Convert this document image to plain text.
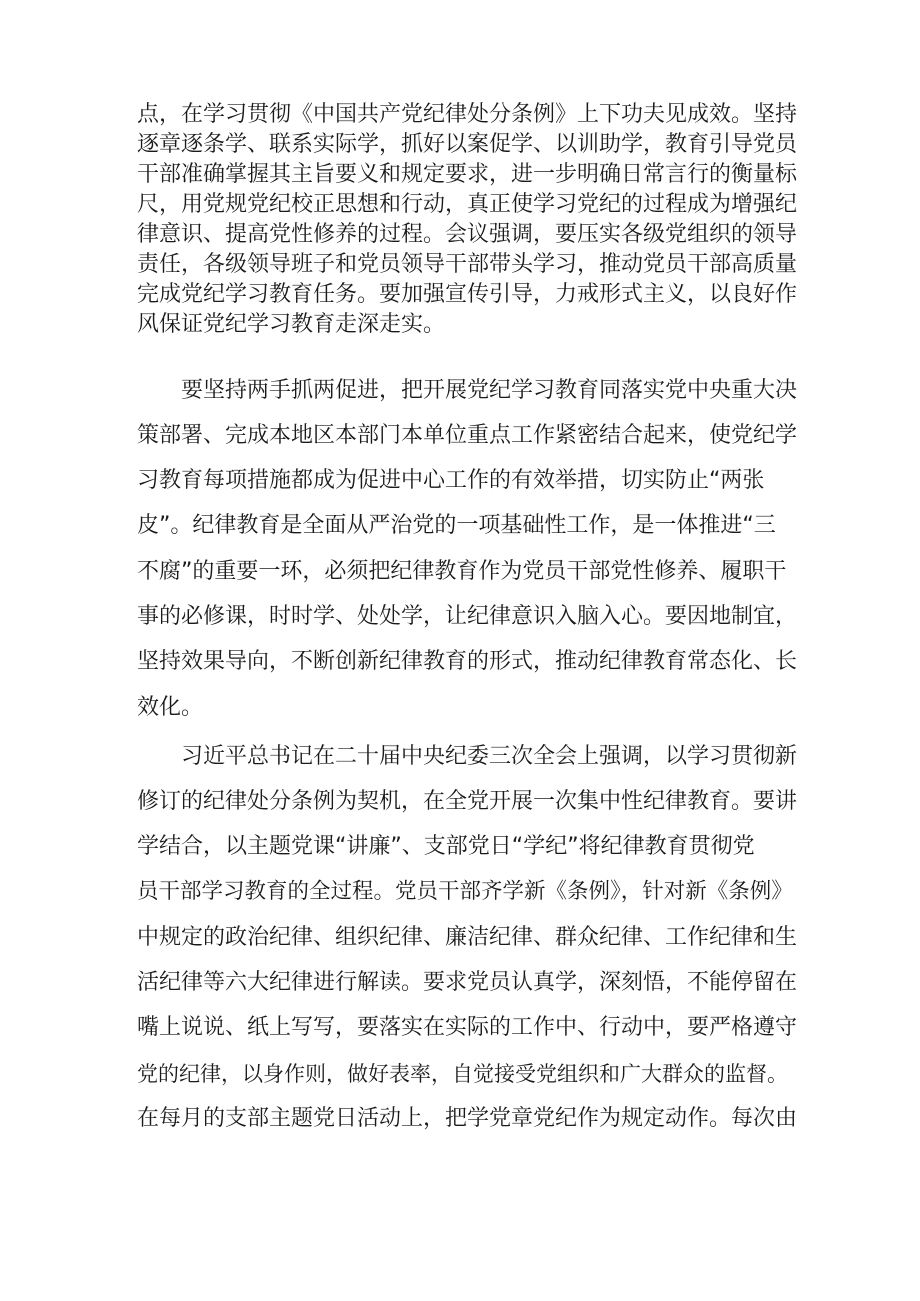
点，在学习贯彻《中国共产党纪律处分条例》上下功夫见成效。坚持
逐章逐条学、联系实际学，抓好以案促学、以训助学，教育引导党员
干部准确掌握其主旨要义和规定要求，进一步明确日常言行的衡量标
尺，用党规党纪校正思想和行动，真正使学习党纪的过程成为增强纪
律意识、提高党性修养的过程。会议强调，要压实各级党组织的领导
责任，各级领导班子和党员领导干部带头学习，推动党员干部高质量
完成党纪学习教育任务。要加强宣传引导，力戒形式主义，以良好作
风保证党纪学习教育走深走实。
要坚持两手抓两促进，把开展党纪学习教育同落实党中央重大决
策部署、完成本地区本部门本单位重点工作紧密结合起来，使党纪学
习教育每项措施都成为促进中心工作的有效举措，切实防止“两张
皮”。纪律教育是全面从严治党的一项基础性工作，是一体推进“三
不腐”的重要一环，必须把纪律教育作为党员干部党性修养、履职干
事的必修课，时时学、处处学，让纪律意识入脑入心。要因地制宜，
坚持效果导向，不断创新纪律教育的形式，推动纪律教育常态化、长
效化。
习近平总书记在二十届中央纪委三次全会上强调，以学习贯彻新
修订的纪律处分条例为契机，在全党开展一次集中性纪律教育。要讲
学结合，以主题党课“讲廉”、支部党日“学纪”将纪律教育贯彻党
员干部学习教育的全过程。党员干部齐学新《条例》，针对新《条例》
中规定的政治纪律、组织纪律、廉洁纪律、群众纪律、工作纪律和生
活纪律等六大纪律进行解读。要求党员认真学，深刻悟，不能停留在
嘴上说说、纸上写写，要落实在实际的工作中、行动中，要严格遵守
党的纪律，以身作则，做好表率，自觉接受党组织和广大群众的监督。
在每月的支部主题党日活动上，把学党章党纪作为规定动作。每次由
